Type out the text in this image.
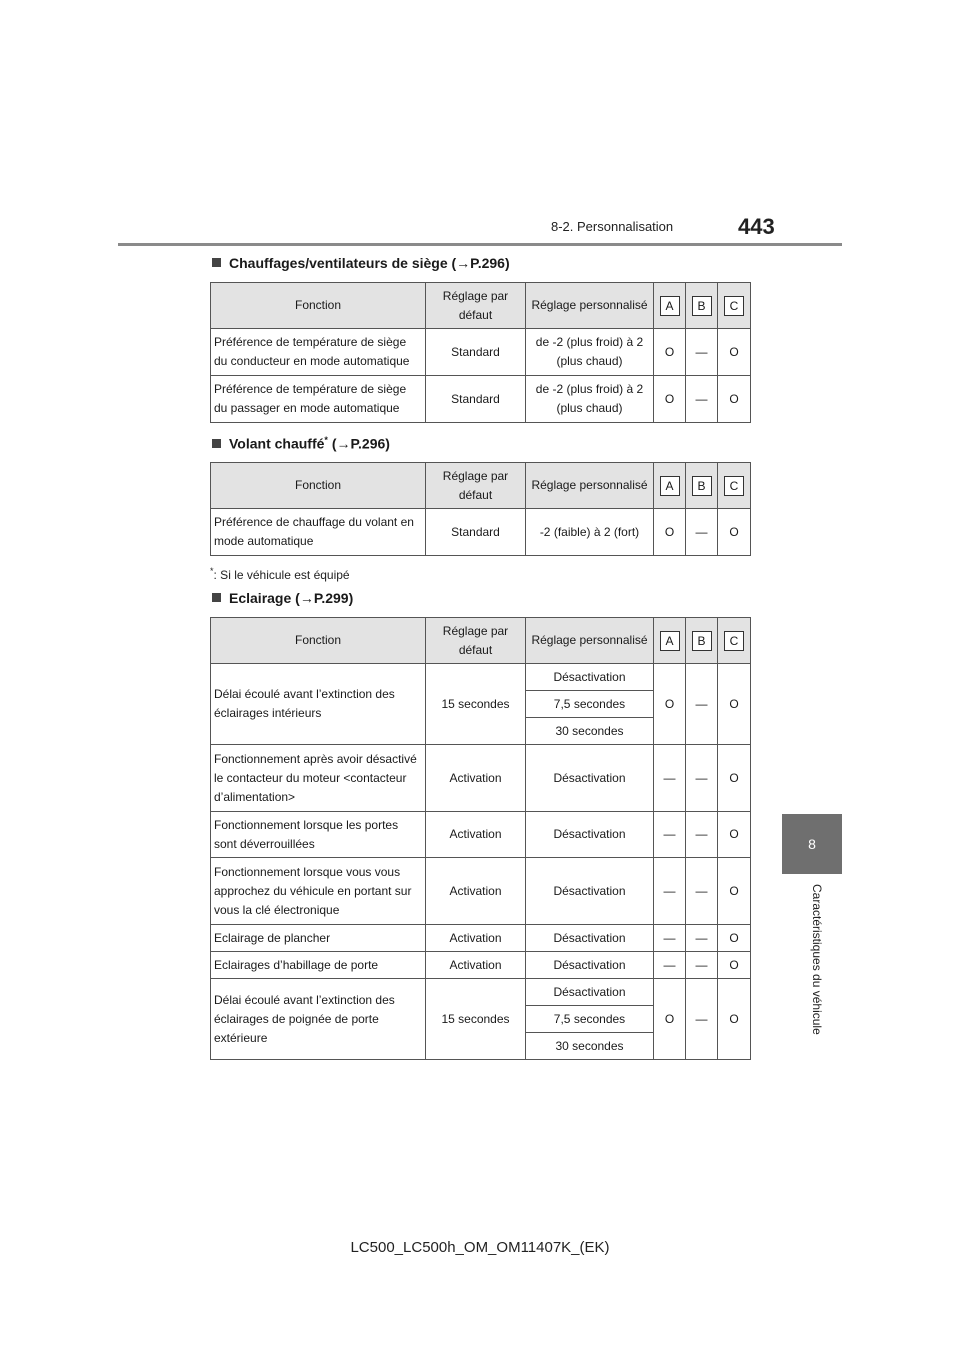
8-2. Personnalisation	443
8
Caractéristiques du véhicule
Chauffages/ventilateurs de siège (→P.296)
Fonction	Réglage par défaut	Réglage personnalisé	A	B	C
Préférence de température de siège du conducteur en mode automatique	Standard	de -2 (plus froid) à 2 (plus chaud)	O	—	O
Préférence de température de siège du passager en mode automatique	Standard	de -2 (plus froid) à 2 (plus chaud)	O	—	O
Volant chauffé* (→P.296)
Fonction	Réglage par défaut	Réglage personnalisé	A	B	C
Préférence de chauffage du volant en mode automatique	Standard	-2 (faible) à 2 (fort)	O	—	O
*: Si le véhicule est équipé
Eclairage (→P.299)
Fonction	Réglage par défaut	Réglage personnalisé	A	B	C
Délai écoulé avant l’extinction des éclairages intérieurs	15 secondes	Désactivation	O	—	O
		7,5 secondes			
		30 secondes			
Fonctionnement après avoir désactivé le contacteur du moteur <contacteur d’alimentation>	Activation	Désactivation	—	—	O
Fonctionnement lorsque les portes sont déverrouillées	Activation	Désactivation	—	—	O
Fonctionnement lorsque vous vous approchez du véhicule en portant sur vous la clé électronique	Activation	Désactivation	—	—	O
Eclairage de plancher	Activation	Désactivation	—	—	O
Eclairages d’habillage de porte	Activation	Désactivation	—	—	O
Délai écoulé avant l’extinction des éclairages de poignée de porte extérieure	15 secondes	Désactivation	O	—	O
		7,5 secondes			
		30 secondes			
LC500_LC500h_OM_OM11407K_(EK)
